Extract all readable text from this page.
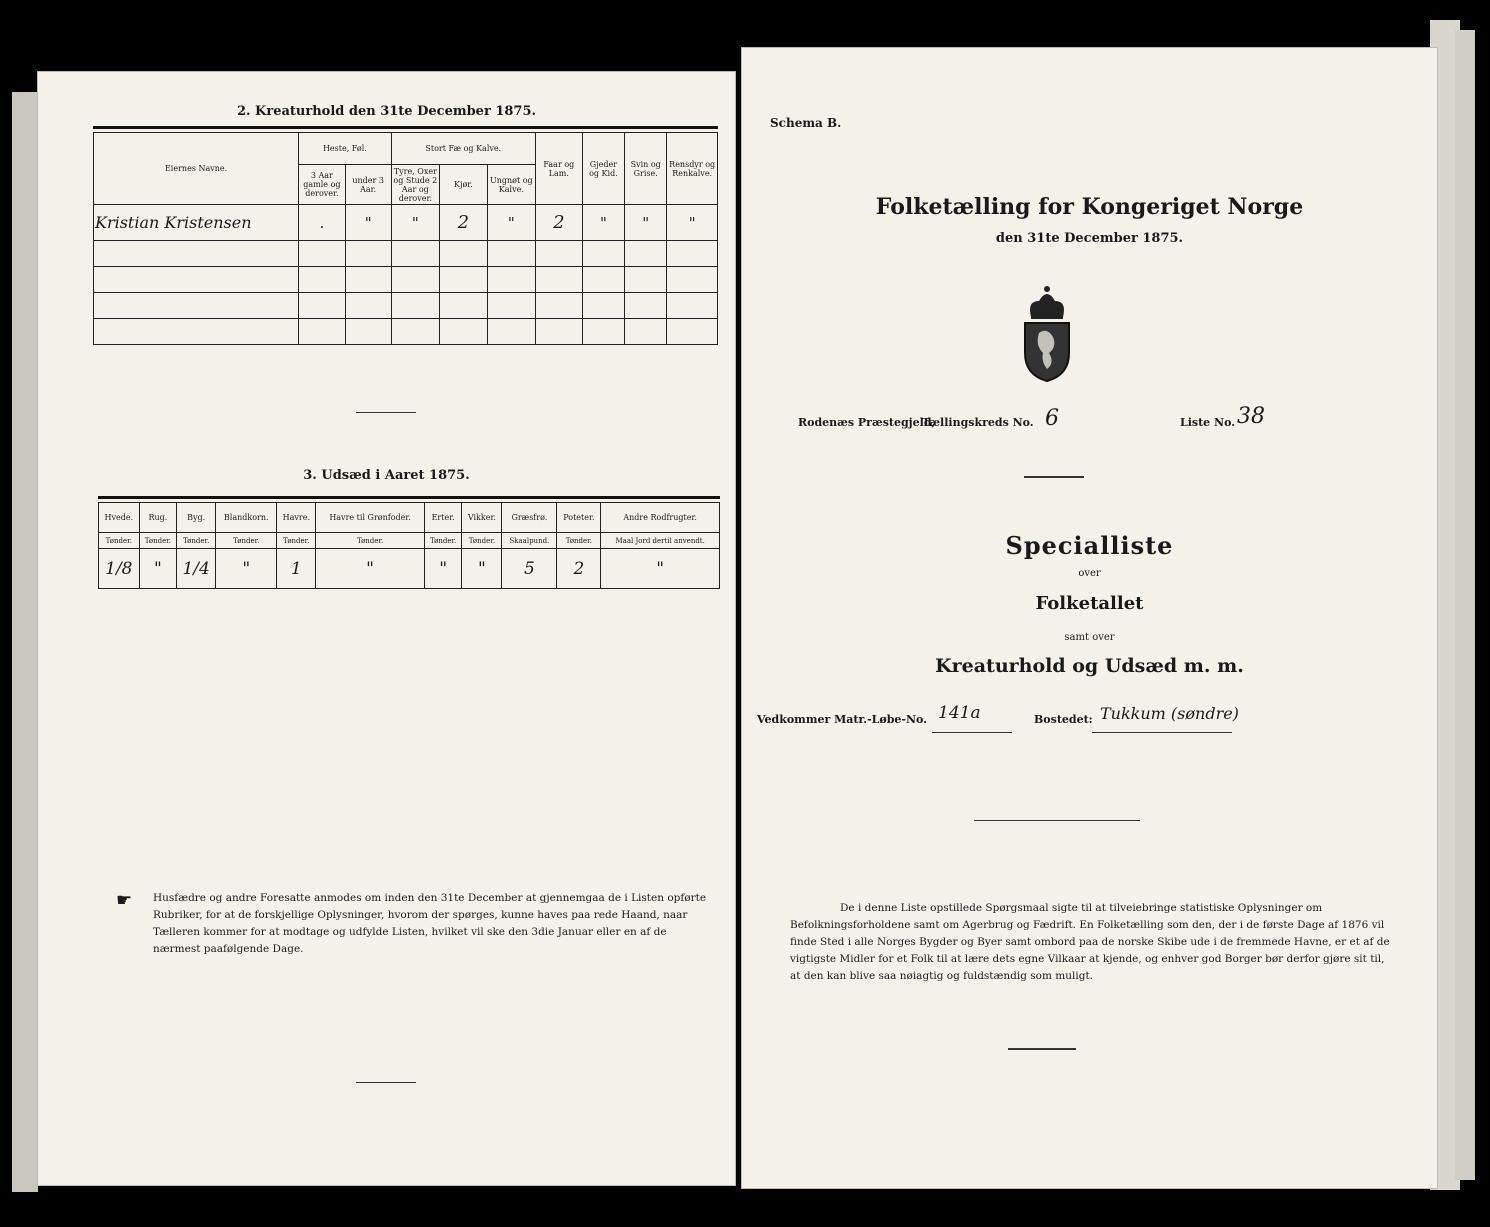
2. Kreaturhold den 31te December 1875.
Eiernes Navne.	Heste, Føl.		Stort Fæ og Kalve.			Faar og Lam.	Gjeder og Kid.	Svin og Grise.	Rensdyr og Renkalve.
	3 Aar gamle og derover.	under 3 Aar.	Tyre, Oxer og Stude 2 Aar og derover.	Kjør.	Ungnøt og Kalve.				
Kristian Kristensen	.	"	"	2	"	2	"	"	"

3. Udsæd i Aaret 1875.
Hvede.	Rug.	Byg.	Blandkorn.	Havre.	Havre til Grønfoder.	Erter.	Vikker.	Græsfrø.	Poteter.	Andre Rodfrugter.
Tønder.	Tønder.	Tønder.	Tønder.	Tønder.	Tønder.	Tønder.	Tønder.	Skaalpund.	Tønder.	Maal Jord dertil anvendt.
1/8	"	1/4	"	1	"	"	"	5	2	"
☛ Husfædre og andre Foresatte anmodes om inden den 31te December at gjennemgaa de i Listen opførte Rubriker, for at de forskjellige Oplysninger, hvorom der spørges, kunne haves paa rede Haand, naar Tælleren kommer for at modtage og udfylde Listen, hvilket vil ske den 3die Januar eller en af de nærmest paafølgende Dage.
Schema B.
Folketælling for Kongeriget Norge
den 31te December 1875.
Rodenæs Præstegjeld,
Tællingskreds No. 6	Liste No. 38
Specialliste
over
Folketallet
samt over
Kreaturhold og Udsæd m. m.
Vedkommer Matr.-Løbe-No. 141a	Bostedet: Tukkum (søndre)
De i denne Liste opstillede Spørgsmaal sigte til at tilveiebringe statistiske Oplysninger om Befolkningsforholdene samt om Agerbrug og Fædrift. En Folketælling som den, der i de første Dage af 1876 vil finde Sted i alle Norges Bygder og Byer samt ombord paa de norske Skibe ude i de fremmede Havne, er et af de vigtigste Midler for et Folk til at lære dets egne Vilkaar at kjende, og enhver god Borger bør derfor gjøre sit til, at den kan blive saa nøiagtig og fuldstændig som muligt.
